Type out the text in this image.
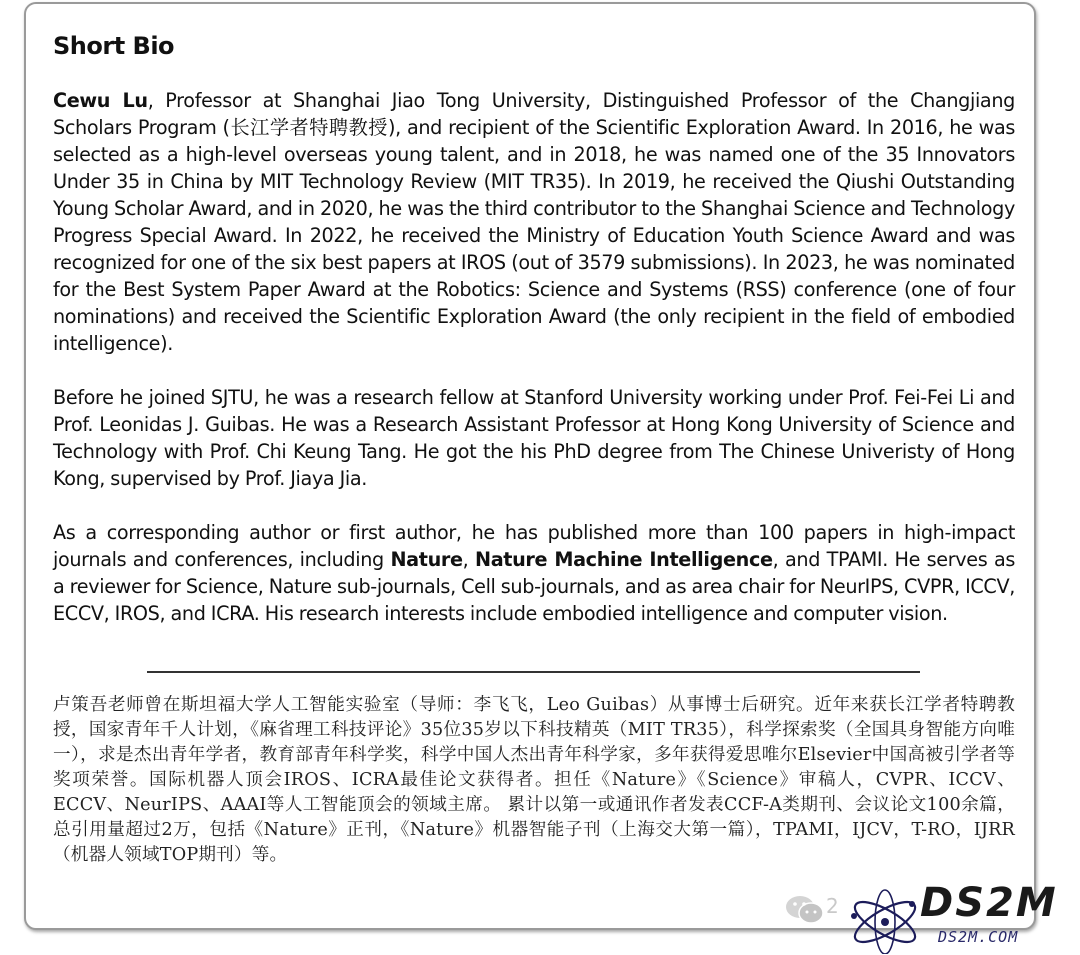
Short Bio

Cewu Lu, Professor at Shanghai Jiao Tong University, Distinguished Professor of the Changjiang Scholars Program (长江学者特聘教授), and recipient of the Scientific Exploration Award. In 2016, he was selected as a high-level overseas young talent, and in 2018, he was named one of the 35 Innovators Under 35 in China by MIT Technology Review (MIT TR35). In 2019, he received the Qiushi Outstanding Young Scholar Award, and in 2020, he was the third contributor to the Shanghai Science and Technology Progress Special Award. In 2022, he received the Ministry of Education Youth Science Award and was recognized for one of the six best papers at IROS (out of 3579 submissions). In 2023, he was nominated for the Best System Paper Award at the Robotics: Science and Systems (RSS) conference (one of four nominations) and received the Scientific Exploration Award (the only recipient in the field of embodied intelligence).

Before he joined SJTU, he was a research fellow at Stanford University working under Prof. Fei-Fei Li and Prof. Leonidas J. Guibas. He was a Research Assistant Professor at Hong Kong University of Science and Technology with Prof. Chi Keung Tang. He got the his PhD degree from The Chinese Univeristy of Hong Kong, supervised by Prof. Jiaya Jia.

As a corresponding author or first author, he has published more than 100 papers in high-impact journals and conferences, including Nature, Nature Machine Intelligence, and TPAMI. He serves as a reviewer for Science, Nature sub-journals, Cell sub-journals, and as area chair for NeurIPS, CVPR, ICCV, ECCV, IROS, and ICRA. His research interests include embodied intelligence and computer vision.

卢策吾老师曾在斯坦福大学人工智能实验室（导师：李飞飞，Leo Guibas）从事博士后研究。近年来获长江学者特聘教授，国家青年千人计划，《麻省理工科技评论》35位35岁以下科技精英（MIT TR35），科学探索奖（全国具身智能方向唯一），求是杰出青年学者，教育部青年科学奖，科学中国人杰出青年科学家，多年获得爱思唯尔Elsevier中国高被引学者等奖项荣誉。国际机器人顶会IROS、ICRA最佳论文获得者。担任《Nature》《Science》审稿人，CVPR、ICCV、ECCV、NeurIPS、AAAI等人工智能顶会的领域主席。 累计以第一或通讯作者发表CCF-A类期刊、会议论文100余篇，总引用量超过2万，包括《Nature》正刊，《Nature》机器智能子刊（上海交大第一篇），TPAMI，IJCV，T-RO，IJRR（机器人领域TOP期刊）等。

2 DS2M
DS2M.COM
